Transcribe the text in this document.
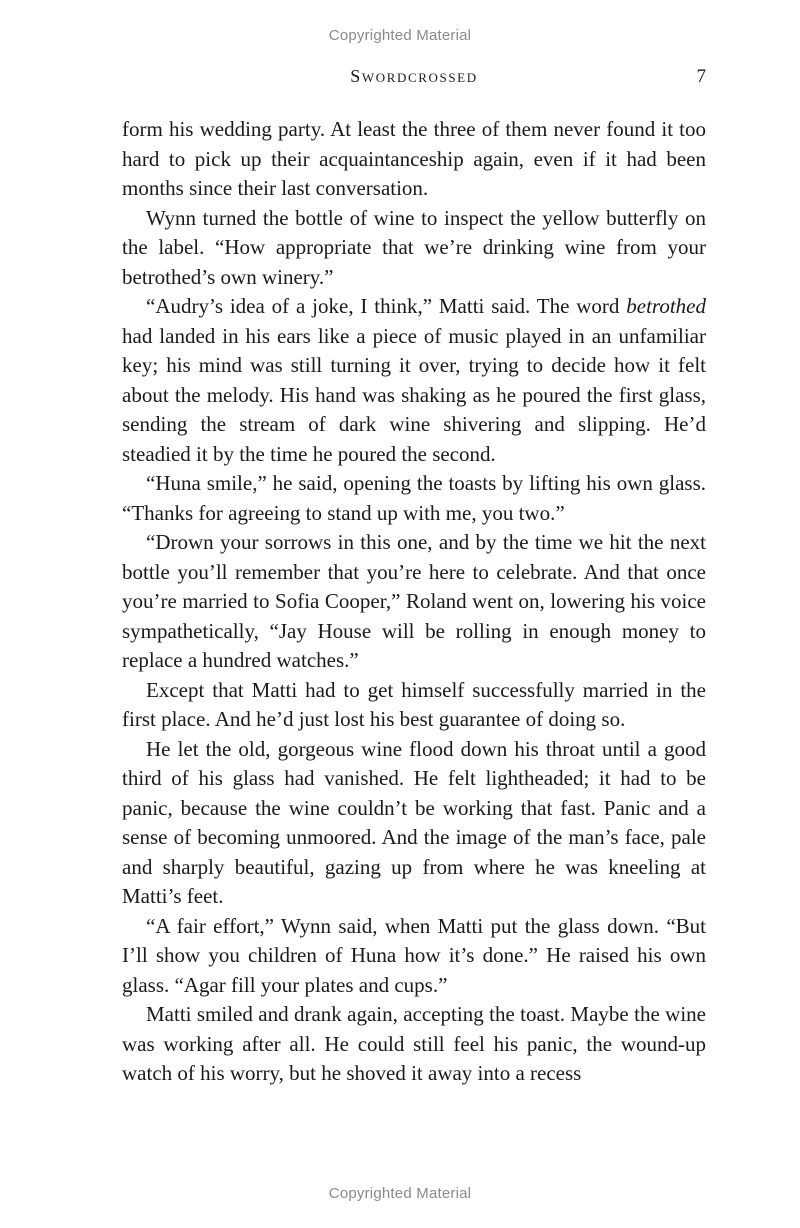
Copyrighted Material
Swordcrossed	7

form his wedding party. At least the three of them never found it too hard to pick up their acquaintanceship again, even if it had been months since their last conversation.

Wynn turned the bottle of wine to inspect the yellow butterfly on the label. “How appropriate that we’re drinking wine from your betrothed’s own winery.”

“Audry’s idea of a joke, I think,” Matti said. The word betrothed had landed in his ears like a piece of music played in an unfamiliar key; his mind was still turning it over, trying to decide how it felt about the melody. His hand was shaking as he poured the first glass, sending the stream of dark wine shivering and slipping. He’d steadied it by the time he poured the second.

“Huna smile,” he said, opening the toasts by lifting his own glass. “Thanks for agreeing to stand up with me, you two.”

“Drown your sorrows in this one, and by the time we hit the next bottle you’ll remember that you’re here to celebrate. And that once you’re married to Sofia Cooper,” Roland went on, lowering his voice sympathetically, “Jay House will be rolling in enough money to replace a hundred watches.”

Except that Matti had to get himself successfully married in the first place. And he’d just lost his best guarantee of doing so.

He let the old, gorgeous wine flood down his throat until a good third of his glass had vanished. He felt lightheaded; it had to be panic, because the wine couldn’t be working that fast. Panic and a sense of becoming unmoored. And the image of the man’s face, pale and sharply beautiful, gazing up from where he was kneeling at Matti’s feet.

“A fair effort,” Wynn said, when Matti put the glass down. “But I’ll show you children of Huna how it’s done.” He raised his own glass. “Agar fill your plates and cups.”

Matti smiled and drank again, accepting the toast. Maybe the wine was working after all. He could still feel his panic, the wound-up watch of his worry, but he shoved it away into a recess

Copyrighted Material
